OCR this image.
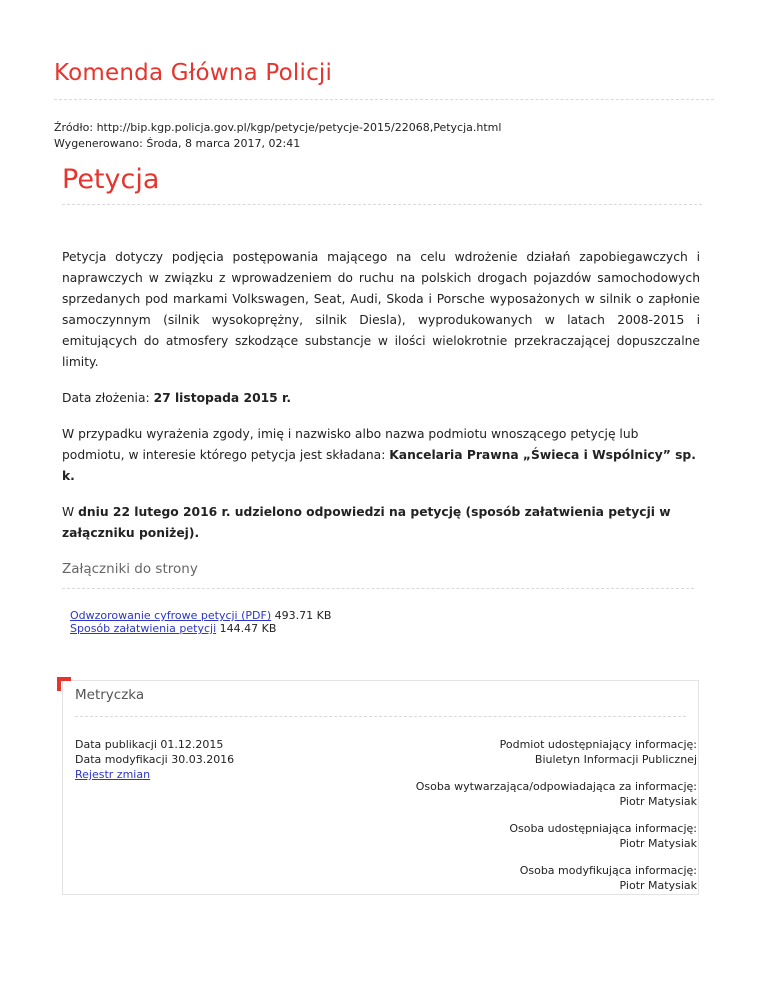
Komenda Główna Policji
Źródło: http://bip.kgp.policja.gov.pl/kgp/petycje/petycje-2015/22068,Petycja.html
Wygenerowano: Środa, 8 marca 2017, 02:41
Petycja

Petycja dotyczy podjęcia postępowania mającego na celu wdrożenie działań zapobiegawczych i naprawczych w związku z wprowadzeniem do ruchu na polskich drogach pojazdów samochodowych sprzedanych pod markami Volkswagen, Seat, Audi, Skoda i Porsche wyposażonych w silnik o zapłonie samoczynnym (silnik wysokoprężny, silnik Diesla), wyprodukowanych w latach 2008-2015 i emitujących do atmosfery szkodzące substancje w ilości wielokrotnie przekraczającej dopuszczalne limity.

Data złożenia: 27 listopada 2015 r.

W przypadku wyrażenia zgody, imię i nazwisko albo nazwa podmiotu wnoszącego petycję lub podmiotu, w interesie którego petycja jest składana: Kancelaria Prawna „Świeca i Wspólnicy” sp. k.

W dniu 22 lutego 2016 r. udzielono odpowiedzi na petycję (sposób załatwienia petycji w załączniku poniżej).

Załączniki do strony
Odwzorowanie cyfrowe petycji (PDF) 493.71 KB
Sposób załatwienia petycji 144.47 KB
Metryczka
Data publikacji 01.12.2015
Data modyfikacji 30.03.2016
Rejestr zmian
Podmiot udostępniający informację:
Biuletyn Informacji Publicznej
Osoba wytwarzająca/odpowiadająca za informację:
Piotr Matysiak
Osoba udostępniająca informację:
Piotr Matysiak
Osoba modyfikująca informację:
Piotr Matysiak
